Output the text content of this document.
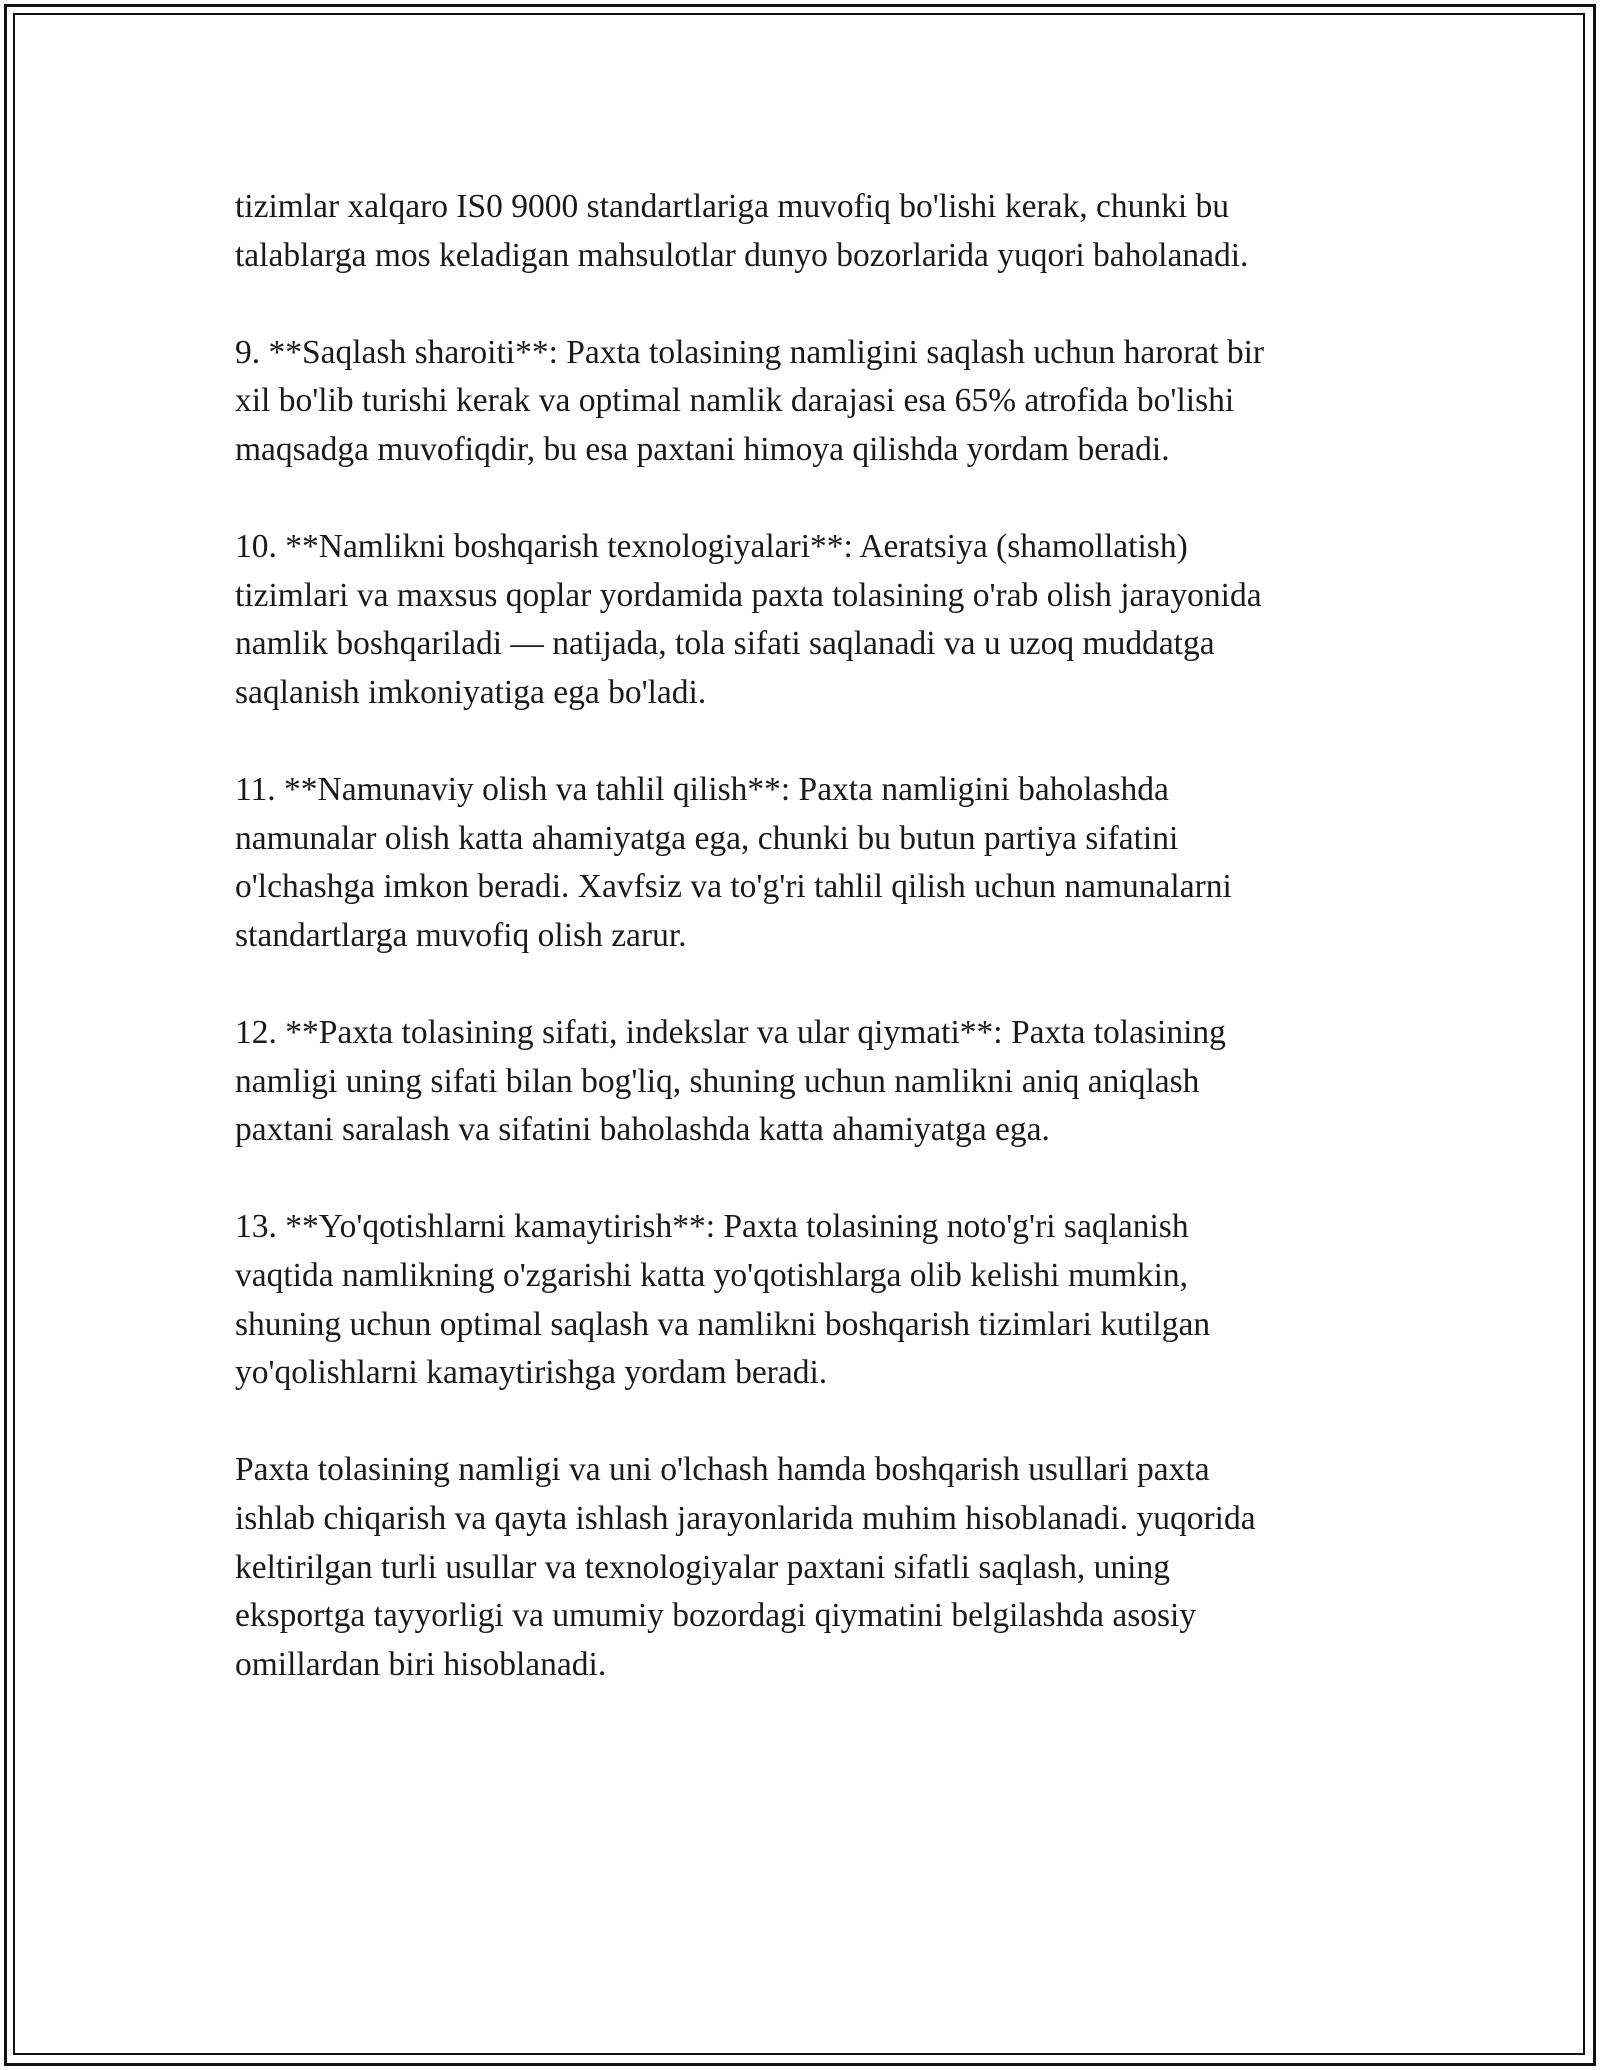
tizimlar xalqaro IS0 9000 standartlariga muvofiq bo'lishi kerak, chunki bu
talablarga mos keladigan mahsulotlar dunyo bozorlarida yuqori baholanadi.

9. **Saqlash sharoiti**: Paxta tolasining namligini saqlash uchun harorat bir
xil bo'lib turishi kerak va optimal namlik darajasi esa 65% atrofida bo'lishi
maqsadga muvofiqdir, bu esa paxtani himoya qilishda yordam beradi.

10. **Namlikni boshqarish texnologiyalari**: Aeratsiya (shamollatish)
tizimlari va maxsus qoplar yordamida paxta tolasining o'rab olish jarayonida
namlik boshqariladi — natijada, tola sifati saqlanadi va u uzoq muddatga
saqlanish imkoniyatiga ega bo'ladi.

11. **Namunaviy olish va tahlil qilish**: Paxta namligini baholashda
namunalar olish katta ahamiyatga ega, chunki bu butun partiya sifatini
o'lchashga imkon beradi. Xavfsiz va to'g'ri tahlil qilish uchun namunalarni
standartlarga muvofiq olish zarur.

12. **Paxta tolasining sifati, indekslar va ular qiymati**: Paxta tolasining
namligi uning sifati bilan bog'liq, shuning uchun namlikni aniq aniqlash
paxtani saralash va sifatini baholashda katta ahamiyatga ega.

13. **Yo'qotishlarni kamaytirish**: Paxta tolasining noto'g'ri saqlanish
vaqtida namlikning o'zgarishi katta yo'qotishlarga olib kelishi mumkin,
shuning uchun optimal saqlash va namlikni boshqarish tizimlari kutilgan
yo'qolishlarni kamaytirishga yordam beradi.

Paxta tolasining namligi va uni o'lchash hamda boshqarish usullari paxta
ishlab chiqarish va qayta ishlash jarayonlarida muhim hisoblanadi. yuqorida
keltirilgan turli usullar va texnologiyalar paxtani sifatli saqlash, uning
eksportga tayyorligi va umumiy bozordagi qiymatini belgilashda asosiy
omillardan biri hisoblanadi.
